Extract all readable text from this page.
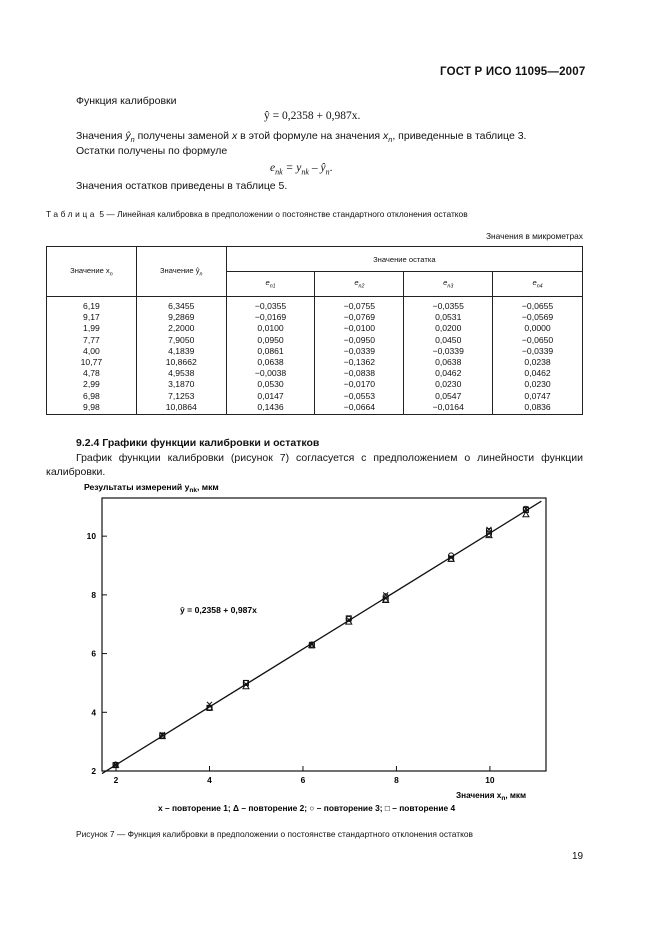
ГОСТ Р ИСО 11095—2007
Функция калибровки
ŷ = 0,2358 + 0,987x.
Значения $ŷ_n$ получены заменой x в этой формуле на значения $x_n$, приведенные в таблице 3.
Остатки получены по формуле
$e_{nk} = y_{nk}$ – $ŷ_n$.
Значения остатков приведены в таблице 5.
Таблица 5 — Линейная калибровка в предположении о постоянстве стандартного отклонения остатков
Значения в микрометрах
Значение $x_n$	Значение $ŷ_n$	Значение остатка			
		$e_{n1}$	$e_{n2}$	$e_{n3}$	$e_{n4}$
6,19	6,3455	−0,0355	−0,0755	−0,0355	−0,0655
9,17	9,2869	−0,0169	−0,0769	0,0531	−0,0569
1,99	2,2000	0,0100	−0,0100	0,0200	0,0000
7,77	7,9050	0,0950	−0,0950	0,0450	−0,0650
4,00	4,1839	0,0861	−0,0339	−0,0339	−0,0339
10,77	10,8662	0,0638	−0,1362	0,0638	0,0238
4,78	4,9538	−0,0038	−0,0838	0,0462	0,0462
2,99	3,1870	0,0530	−0,0170	0,0230	0,0230
6,98	7,1253	0,0147	−0,0553	0,0547	0,0747
9,98	10,0864	0,1436	−0,0664	−0,0164	0,0836
9.2.4 Графики функции калибровки и остатков
График функции калибровки (рисунок 7) согласуется с предположением о линейности функции калибровки.
Результаты измерений $y_{nk}$, мкм
2	4	6	8	10
2
4
6
8
10
ŷ = 0,2358 + 0,987x
Значения $x_n$, мкм
x – повторение 1; Δ – повторение 2; ○ – повторение 3; □ – повторение 4
Рисунок 7 — Функция калибровки в предположении о постоянстве стандартного отклонения остатков
19
